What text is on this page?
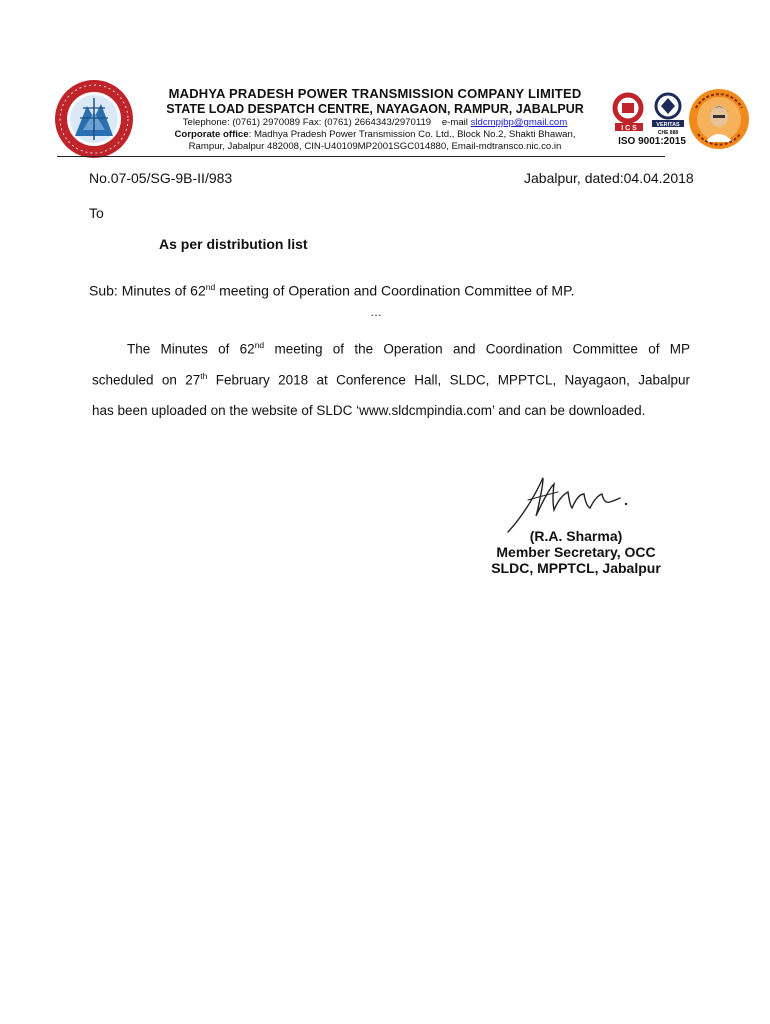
MADHYA PRADESH POWER TRANSMISSION COMPANY LIMITED
STATE LOAD DESPATCH CENTRE, NAYAGAON, RAMPUR, JABALPUR
Telephone: (0761) 2970089 Fax: (0761) 2664343/2970119 e-mail sldcmpjbp@gmail.com
Corporate office: Madhya Pradesh Power Transmission Co. Ltd., Block No.2, Shakti Bhawan,
Rampur, Jabalpur 482008, CIN-U40109MP2001SGC014880, Email-mdtransco.nic.co.in
I C S	VERITAS
CHE 888
ISO 9001:2015
No.07-05/SG-9B-II/983	Jabalpur, dated:04.04.2018
To
As per distribution list
Sub: Minutes of 62nd meeting of Operation and Coordination Committee of MP.
…
The Minutes of 62nd meeting of the Operation and Coordination Committee of MP
scheduled on 27th February 2018 at Conference Hall, SLDC, MPPTCL, Nayagaon, Jabalpur
has been uploaded on the website of SLDC ‘www.sldcmpindia.com’ and can be downloaded.
(R.A. Sharma)
Member Secretary, OCC
SLDC, MPPTCL, Jabalpur
